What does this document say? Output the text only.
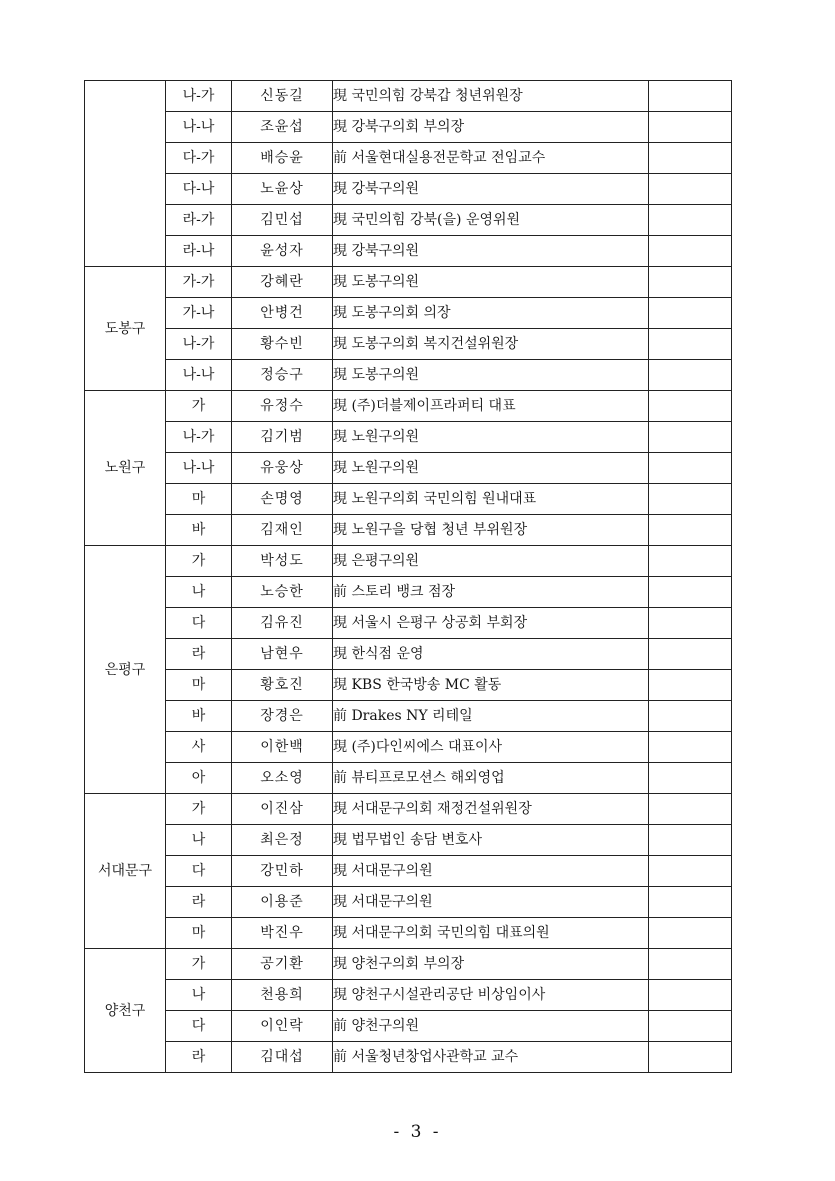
	나-가	신동길	現 국민의힘 강북갑 청년위원장	
	나-나	조윤섭	現 강북구의회 부의장	
	다-가	배승윤	前 서울현대실용전문학교 전임교수	
	다-나	노윤상	現 강북구의원	
	라-가	김민섭	現 국민의힘 강북(을) 운영위원	
	라-나	윤성자	現 강북구의원	
도봉구	가-가	강혜란	現 도봉구의원	
	가-나	안병건	現 도봉구의회 의장	
	나-가	황수빈	現 도봉구의회 복지건설위원장	
	나-나	정승구	現 도봉구의원	
노원구	가	유정수	現 (주)더블제이프라퍼티 대표	
	나-가	김기범	現 노원구의원	
	나-나	유웅상	現 노원구의원	
	마	손명영	現 노원구의회 국민의힘 원내대표	
	바	김재인	現 노원구을 당협 청년 부위원장	
은평구	가	박성도	現 은평구의원	
	나	노승한	前 스토리 뱅크 점장	
	다	김유진	現 서울시 은평구 상공회 부회장	
	라	남현우	現 한식점 운영	
	마	황호진	現 KBS 한국방송 MC 활동	
	바	장경은	前 Drakes NY 리테일	
	사	이한백	現 (주)다인씨에스 대표이사	
	아	오소영	前 뷰티프로모션스 해외영업	
서대문구	가	이진삼	現 서대문구의회 재정건설위원장	
	나	최은정	現 법무법인 송담 변호사	
	다	강민하	現 서대문구의원	
	라	이용준	現 서대문구의원	
	마	박진우	現 서대문구의회 국민의힘 대표의원	
양천구	가	공기환	現 양천구의회 부의장	
	나	천용희	現 양천구시설관리공단 비상임이사	
	다	이인락	前 양천구의원	
	라	김대섭	前 서울청년창업사관학교 교수	
- 3 -
